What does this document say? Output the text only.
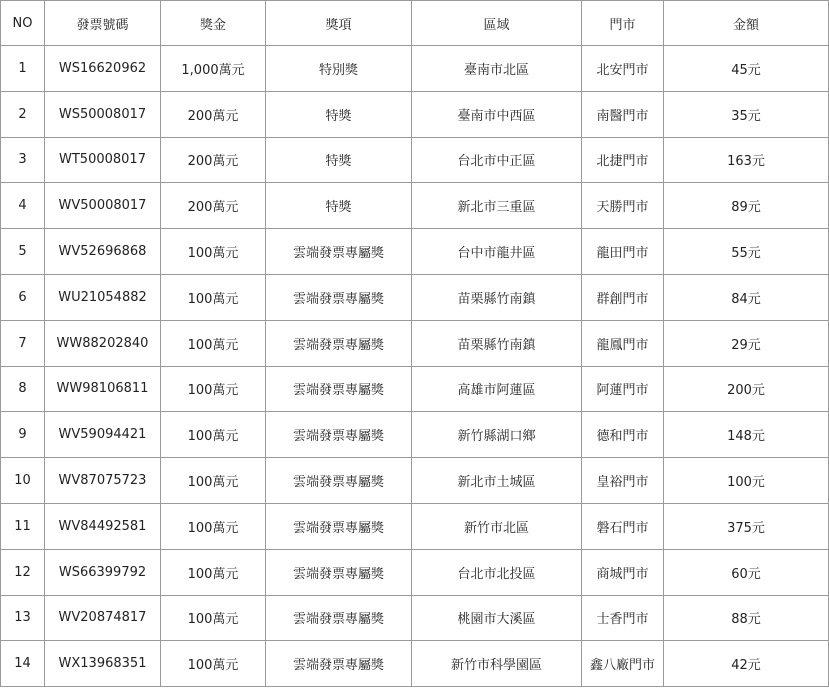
NO	發票號碼	獎金	獎項	區域	門市	金額
1	WS16620962	1,000萬元	特別獎	臺南市北區	北安門市	45元
2	WS50008017	200萬元	特獎	臺南市中西區	南醫門市	35元
3	WT50008017	200萬元	特獎	台北市中正區	北捷門市	163元
4	WV50008017	200萬元	特獎	新北市三重區	天勝門市	89元
5	WV52696868	100萬元	雲端發票專屬獎	台中市龍井區	龍田門市	55元
6	WU21054882	100萬元	雲端發票專屬獎	苗栗縣竹南鎮	群創門市	84元
7	WW88202840	100萬元	雲端發票專屬獎	苗栗縣竹南鎮	龍鳳門市	29元
8	WW98106811	100萬元	雲端發票專屬獎	高雄市阿蓮區	阿蓮門市	200元
9	WV59094421	100萬元	雲端發票專屬獎	新竹縣湖口鄉	德和門市	148元
10	WV87075723	100萬元	雲端發票專屬獎	新北市土城區	皇裕門市	100元
11	WV84492581	100萬元	雲端發票專屬獎	新竹市北區	磐石門市	375元
12	WS66399792	100萬元	雲端發票專屬獎	台北市北投區	商城門市	60元
13	WV20874817	100萬元	雲端發票專屬獎	桃園市大溪區	士香門市	88元
14	WX13968351	100萬元	雲端發票專屬獎	新竹市科學園區	鑫八廠門市	42元
